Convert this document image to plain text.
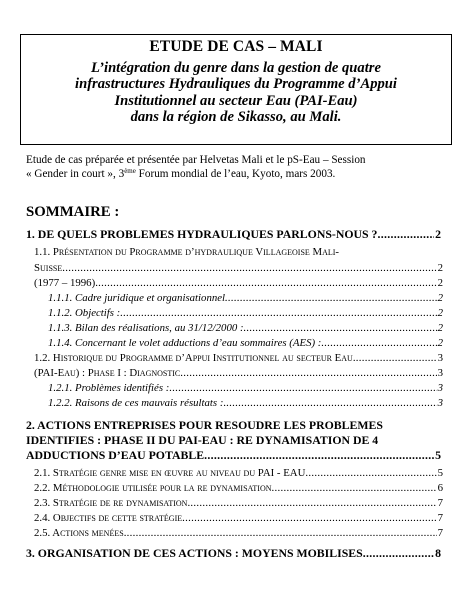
ETUDE DE CAS – MALI
L’intégration du genre dans la gestion de quatre
infrastructures Hydrauliques du Programme d’Appui
Institutionnel au secteur Eau (PAI-Eau)
dans la région de Sikasso, au Mali.
Etude de cas préparée et présentée par Helvetas Mali et le pS-Eau – Session
« Gender in court », 3ème Forum mondial de l’eau, Kyoto, mars 2003.
SOMMAIRE :
1. DE QUELS PROBLEMES HYDRAULIQUES PARLONS-NOUS ? .....	2
1.1. Présentation du Programme d’hydraulique Villageoise Mali-
Suisse .....	2
(1977 – 1996) .....	2
1.1.1. Cadre juridique et organisationnel .....	2
1.1.2. Objectifs : .....	2
1.1.3. Bilan des réalisations, au 31/12/2000 : .....	2
1.1.4. Concernant le volet adductions d’eau sommaires (AES) : .....	2
1.2. Historique du Programme d’Appui Institutionnel au secteur Eau .....	3
(PAI-Eau) : Phase I : Diagnostic .....	3
1.2.1. Problèmes identifiés : .....	3
1.2.2. Raisons de ces mauvais résultats : .....	3
2. ACTIONS ENTREPRISES POUR RESOUDRE LES PROBLEMES
IDENTIFIES : PHASE II DU PAI-EAU : RE DYNAMISATION DE 4
ADDUCTIONS D’EAU POTABLE .....	5
2.1. Stratégie genre mise en œuvre au niveau du PAI - EAU .....	5
2.2. Méthodologie utilisée pour la re dynamisation .....	6
2.3. Stratégie de re dynamisation .....	7
2.4. Objectifs de cette stratégie .....	7
2.5. Actions menées .....	7
3. ORGANISATION DE CES ACTIONS : MOYENS MOBILISES .....	8
